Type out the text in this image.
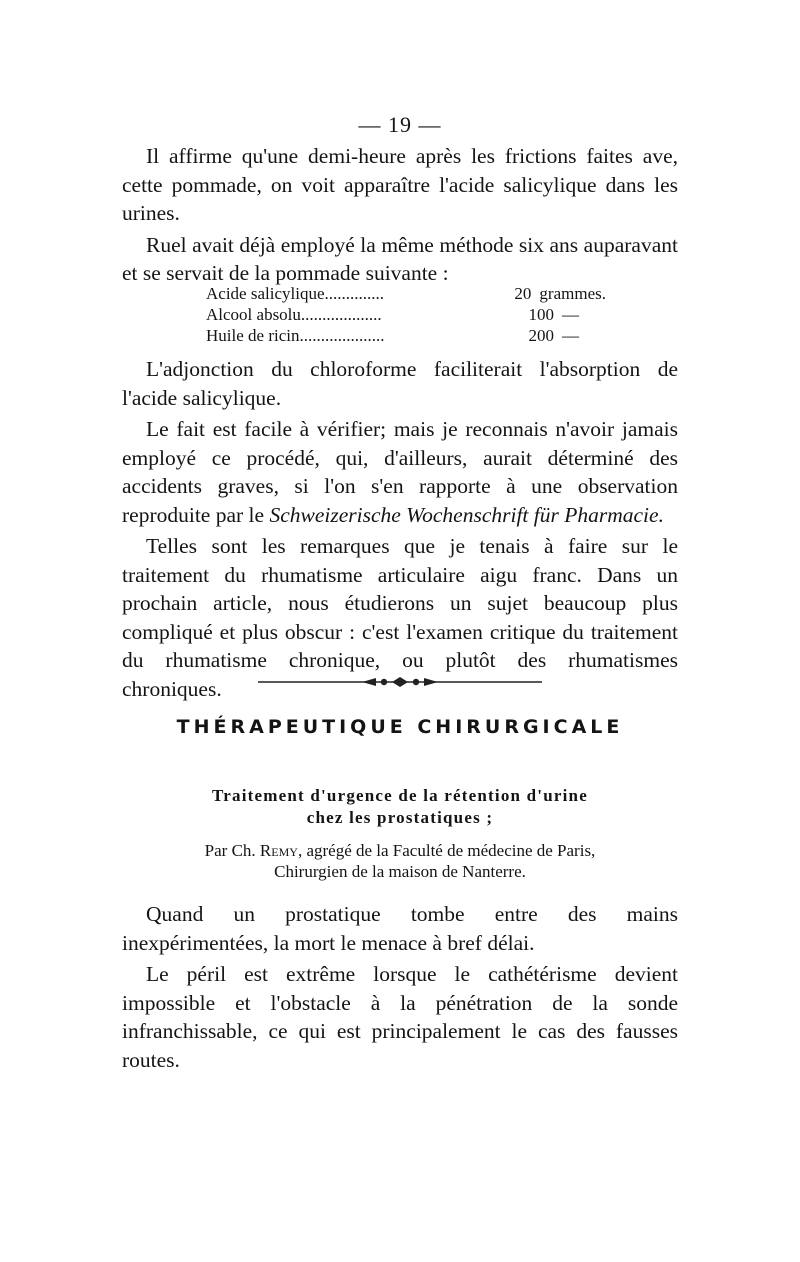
— 19 —

Il affirme qu'une demi-heure après les frictions faites ave, cette pommade, on voit apparaître l'acide salicylique dans les urines.

Ruel avait déjà employé la même méthode six ans auparavant et se servait de la pommade suivante :

Acide salicylique..............	20 grammes.
Alcool absolu...................	100 —
Huile de ricin....................	200 —

L'adjonction du chloroforme faciliterait l'absorption de l'acide salicylique.

Le fait est facile à vérifier; mais je reconnais n'avoir jamais employé ce procédé, qui, d'ailleurs, aurait déterminé des accidents graves, si l'on s'en rapporte à une observation reproduite par le Schweizerische Wochenschrift für Pharmacie.

Telles sont les remarques que je tenais à faire sur le traitement du rhumatisme articulaire aigu franc. Dans un prochain article, nous étudierons un sujet beaucoup plus compliqué et plus obscur : c'est l'examen critique du traitement du rhumatisme chronique, ou plutôt des rhumatismes chroniques.

THÉRAPEUTIQUE CHIRURGICALE
Traitement d'urgence de la rétention d'urine
chez les prostatiques ;
Par Ch. Remy, agrégé de la Faculté de médecine de Paris,
Chirurgien de la maison de Nanterre.

Quand un prostatique tombe entre des mains inexpérimentées, la mort le menace à bref délai.

Le péril est extrême lorsque le cathétérisme devient impossible et l'obstacle à la pénétration de la sonde infranchissable, ce qui est principalement le cas des fausses routes.
